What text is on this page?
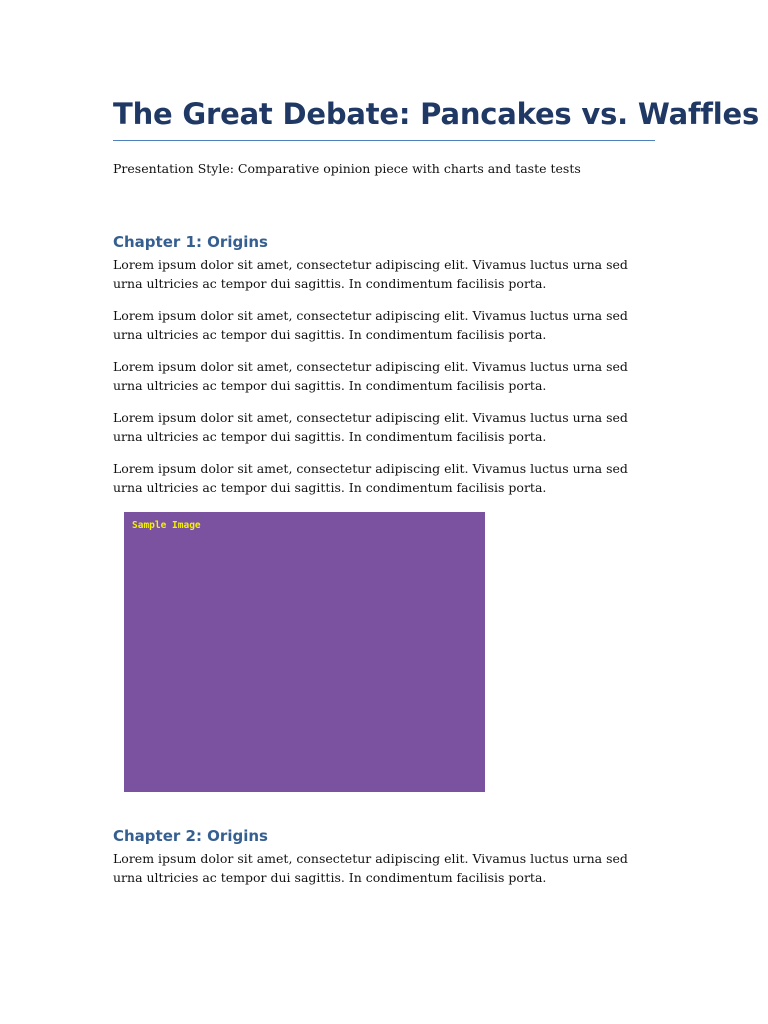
The Great Debate: Pancakes vs. Waffles

Presentation Style: Comparative opinion piece with charts and taste tests

Chapter 1: Origins

Lorem ipsum dolor sit amet, consectetur adipiscing elit. Vivamus luctus urna sed urna ultricies ac tempor dui sagittis. In condimentum facilisis porta.

Lorem ipsum dolor sit amet, consectetur adipiscing elit. Vivamus luctus urna sed urna ultricies ac tempor dui sagittis. In condimentum facilisis porta.

Lorem ipsum dolor sit amet, consectetur adipiscing elit. Vivamus luctus urna sed urna ultricies ac tempor dui sagittis. In condimentum facilisis porta.

Lorem ipsum dolor sit amet, consectetur adipiscing elit. Vivamus luctus urna sed urna ultricies ac tempor dui sagittis. In condimentum facilisis porta.

Lorem ipsum dolor sit amet, consectetur adipiscing elit. Vivamus luctus urna sed urna ultricies ac tempor dui sagittis. In condimentum facilisis porta.

Sample Image
Chapter 2: Origins

Lorem ipsum dolor sit amet, consectetur adipiscing elit. Vivamus luctus urna sed urna ultricies ac tempor dui sagittis. In condimentum facilisis porta.
